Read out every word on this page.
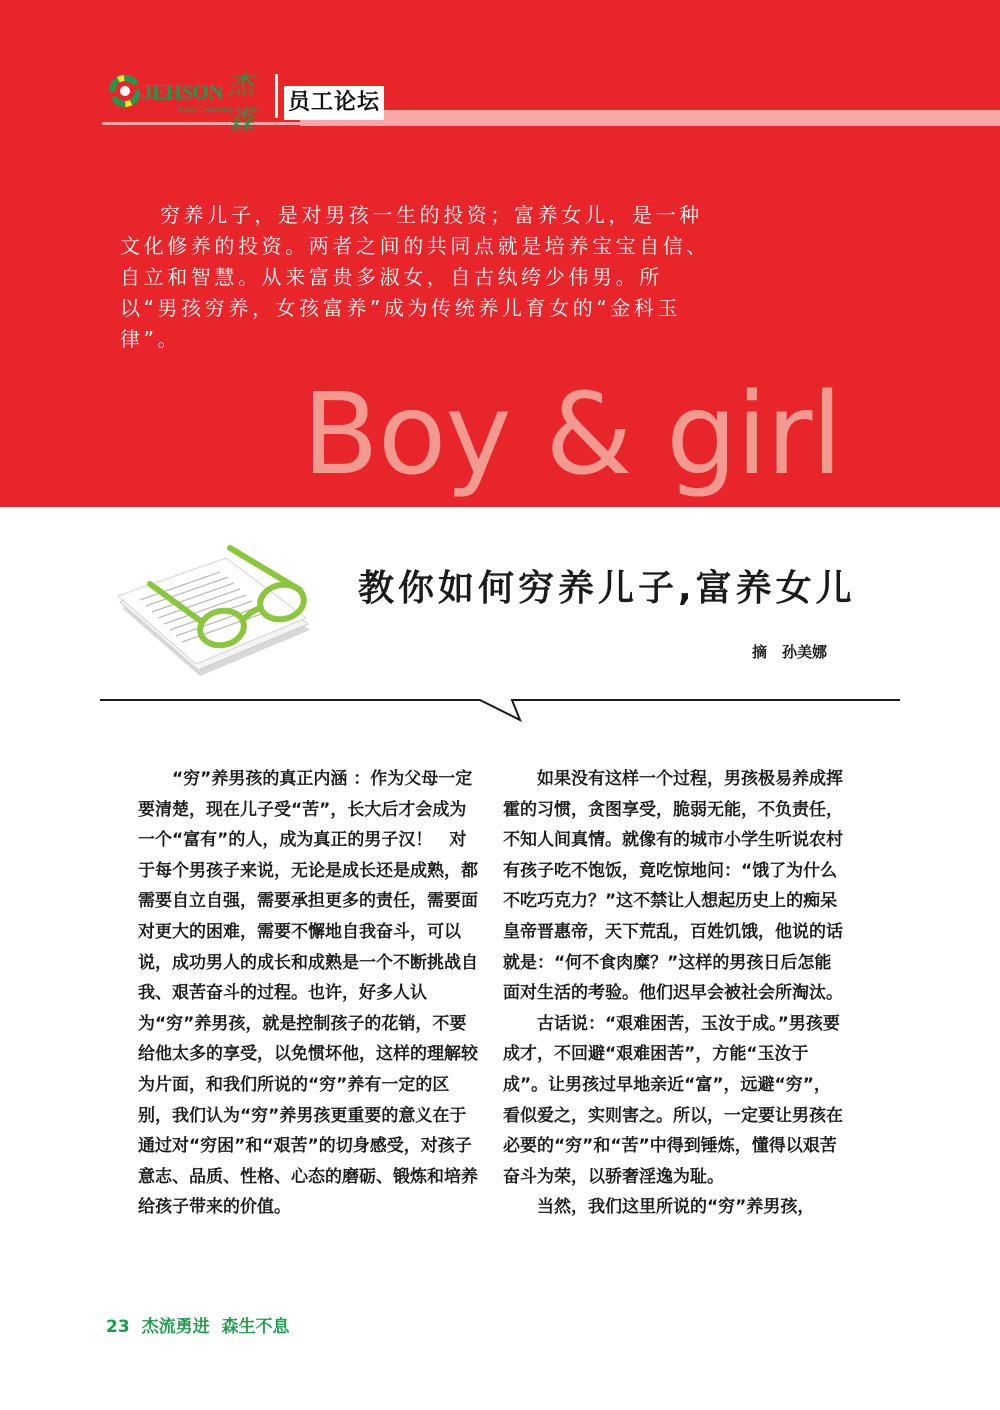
JEHSON 杰森
Brand Leadership & Expo 员工论坛

穷养儿子，是对男孩一生的投资；富养女儿，是一种文化修养的投资。两者之间的共同点就是培养宝宝自信、自立和智慧。从来富贵多淑女，自古纨绔少伟男。所以“男孩穷养，女孩富养”成为传统养儿育女的“金科玉律”。

Boy & girl
教你如何穷养儿子,富养女儿
摘　孙美娜

“穷”养男孩的真正内涵 ：作为父母一定要清楚，现在儿子受“苦”，长大后才会成为一个“富有”的人，成为真正的男子汉！　对于每个男孩子来说，无论是成长还是成熟，都需要自立自强，需要承担更多的责任，需要面对更大的困难，需要不懈地自我奋斗，可以说，成功男人的成长和成熟是一个不断挑战自我、艰苦奋斗的过程。也许，好多人认为“穷”养男孩，就是控制孩子的花销，不要给他太多的享受，以免惯坏他，这样的理解较为片面，和我们所说的“穷”养有一定的区别，我们认为“穷”养男孩更重要的意义在于通过对“穷困”和“艰苦”的切身感受，对孩子意志、品质、性格、心态的磨砺、锻炼和培养给孩子带来的价值。

如果没有这样一个过程，男孩极易养成挥霍的习惯，贪图享受，脆弱无能，不负责任，不知人间真情。就像有的城市小学生听说农村有孩子吃不饱饭，竟吃惊地问：“饿了为什么不吃巧克力？”这不禁让人想起历史上的痴呆皇帝晋惠帝，天下荒乱，百姓饥饿，他说的话就是：“何不食肉糜？”这样的男孩日后怎能面对生活的考验。他们迟早会被社会所淘汰。

古话说：“艰难困苦，玉汝于成。”男孩要成才，不回避“艰难困苦”，方能“玉汝于成”。让男孩过早地亲近“富”，远避“穷”，看似爱之，实则害之。所以，一定要让男孩在必要的“穷”和“苦”中得到锤炼，懂得以艰苦奋斗为荣，以骄奢淫逸为耻。

当然，我们这里所说的“穷”养男孩，

23 杰流勇进 森生不息
